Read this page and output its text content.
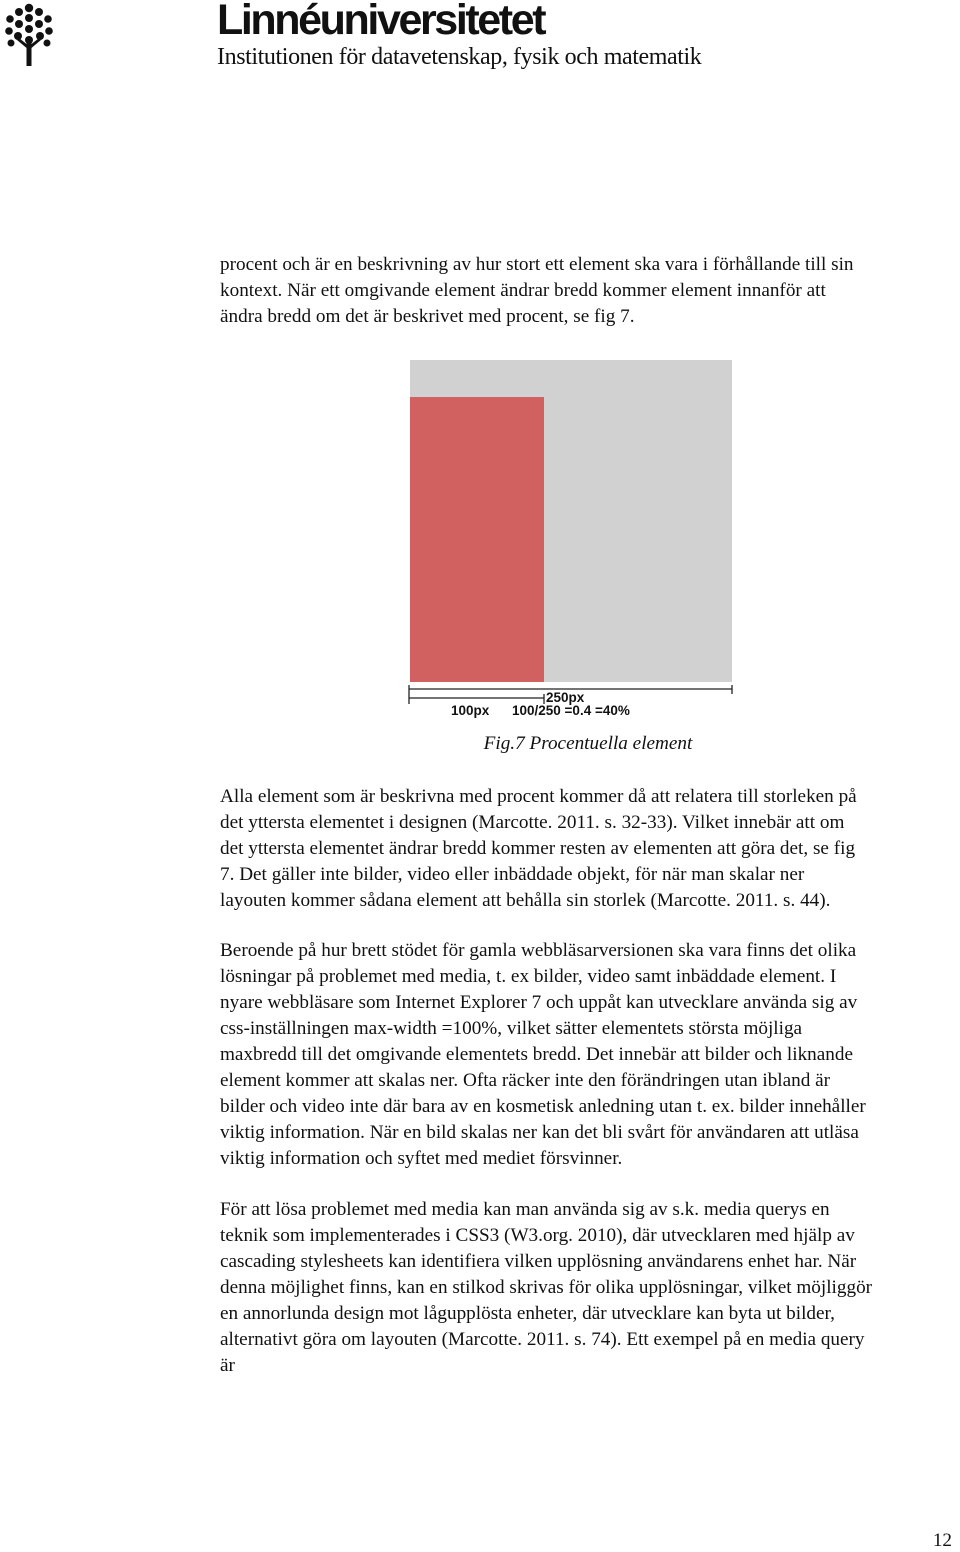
Linnéuniversitetet
Institutionen för datavetenskap, fysik och matematik

procent och är en beskrivning av hur stort ett element ska vara i förhållande till sin
kontext. När ett omgivande element ändrar bredd kommer element innanför att
ändra bredd om det är beskrivet med procent, se fig 7.

250px
100px 100/250 =0.4 =40%
Fig.7 Procentuella element

Alla element som är beskrivna med procent kommer då att relatera till storleken på
det yttersta elementet i designen (Marcotte. 2011. s. 32-33). Vilket innebär att om
det yttersta elementet ändrar bredd kommer resten av elementen att göra det, se fig
7. Det gäller inte bilder, video eller inbäddade objekt, för när man skalar ner
layouten kommer sådana element att behålla sin storlek (Marcotte. 2011. s. 44).

Beroende på hur brett stödet för gamla webbläsarversionen ska vara finns det olika
lösningar på problemet med media, t. ex bilder, video samt inbäddade element. I
nyare webbläsare som Internet Explorer 7 och uppåt kan utvecklare använda sig av
css-inställningen max-width =100%, vilket sätter elementets största möjliga
maxbredd till det omgivande elementets bredd. Det innebär att bilder och liknande
element kommer att skalas ner. Ofta räcker inte den förändringen utan ibland är
bilder och video inte där bara av en kosmetisk anledning utan t. ex. bilder innehåller
viktig information. När en bild skalas ner kan det bli svårt för användaren att utläsa
viktig information och syftet med mediet försvinner.

För att lösa problemet med media kan man använda sig av s.k. media querys en
teknik som implementerades i CSS3 (W3.org. 2010), där utvecklaren med hjälp av
cascading stylesheets kan identifiera vilken upplösning användarens enhet har. När
denna möjlighet finns, kan en stilkod skrivas för olika upplösningar, vilket möjliggör
en annorlunda design mot lågupplösta enheter, där utvecklare kan byta ut bilder,
alternativt göra om layouten (Marcotte. 2011. s. 74). Ett exempel på en media query
är

12
